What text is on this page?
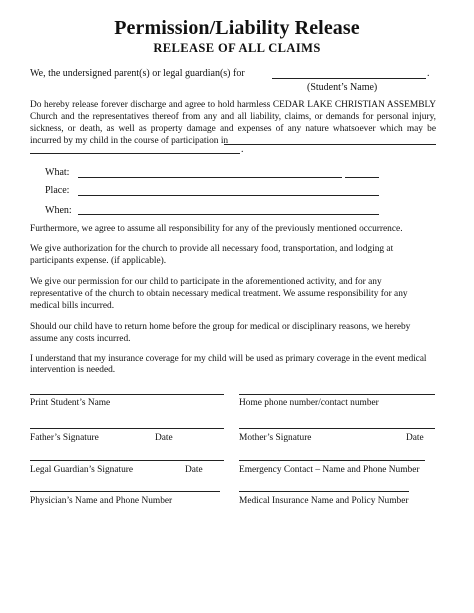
Permission/Liability Release
RELEASE OF ALL CLAIMS
We, the undersigned parent(s) or legal guardian(s) for	.
(Student’s Name)
Do hereby release forever discharge and agree to hold harmless CEDAR LAKE CHRISTIAN ASSEMBLY
Church and the representatives thereof from any and all liability, claims, or demands for personal injury,
sickness, or death, as well as property damage and expenses of any nature whatsoever which may be
incurred by my child in the course of participation in
.
What:
Place:
When:
Furthermore, we agree to assume all responsibility for any of the previously mentioned occurrence.
We give authorization for the church to provide all necessary food, transportation, and lodging at
participants expense. (if applicable).
We give our permission for our child to participate in the aforementioned activity, and for any
representative of the church to obtain necessary medical treatment. We assume responsibility for any
medical bills incurred.
Should our child have to return home before the group for medical or disciplinary reasons, we hereby
assume any costs incurred.
I understand that my insurance coverage for my child will be used as primary coverage in the event medical
intervention is needed.
Print Student’s Name	Home phone number/contact number
Father’s Signature	Date	Mother’s Signature	Date
Legal Guardian’s Signature	Date	Emergency Contact – Name and Phone Number
Physician’s Name and Phone Number	Medical Insurance Name and Policy Number
